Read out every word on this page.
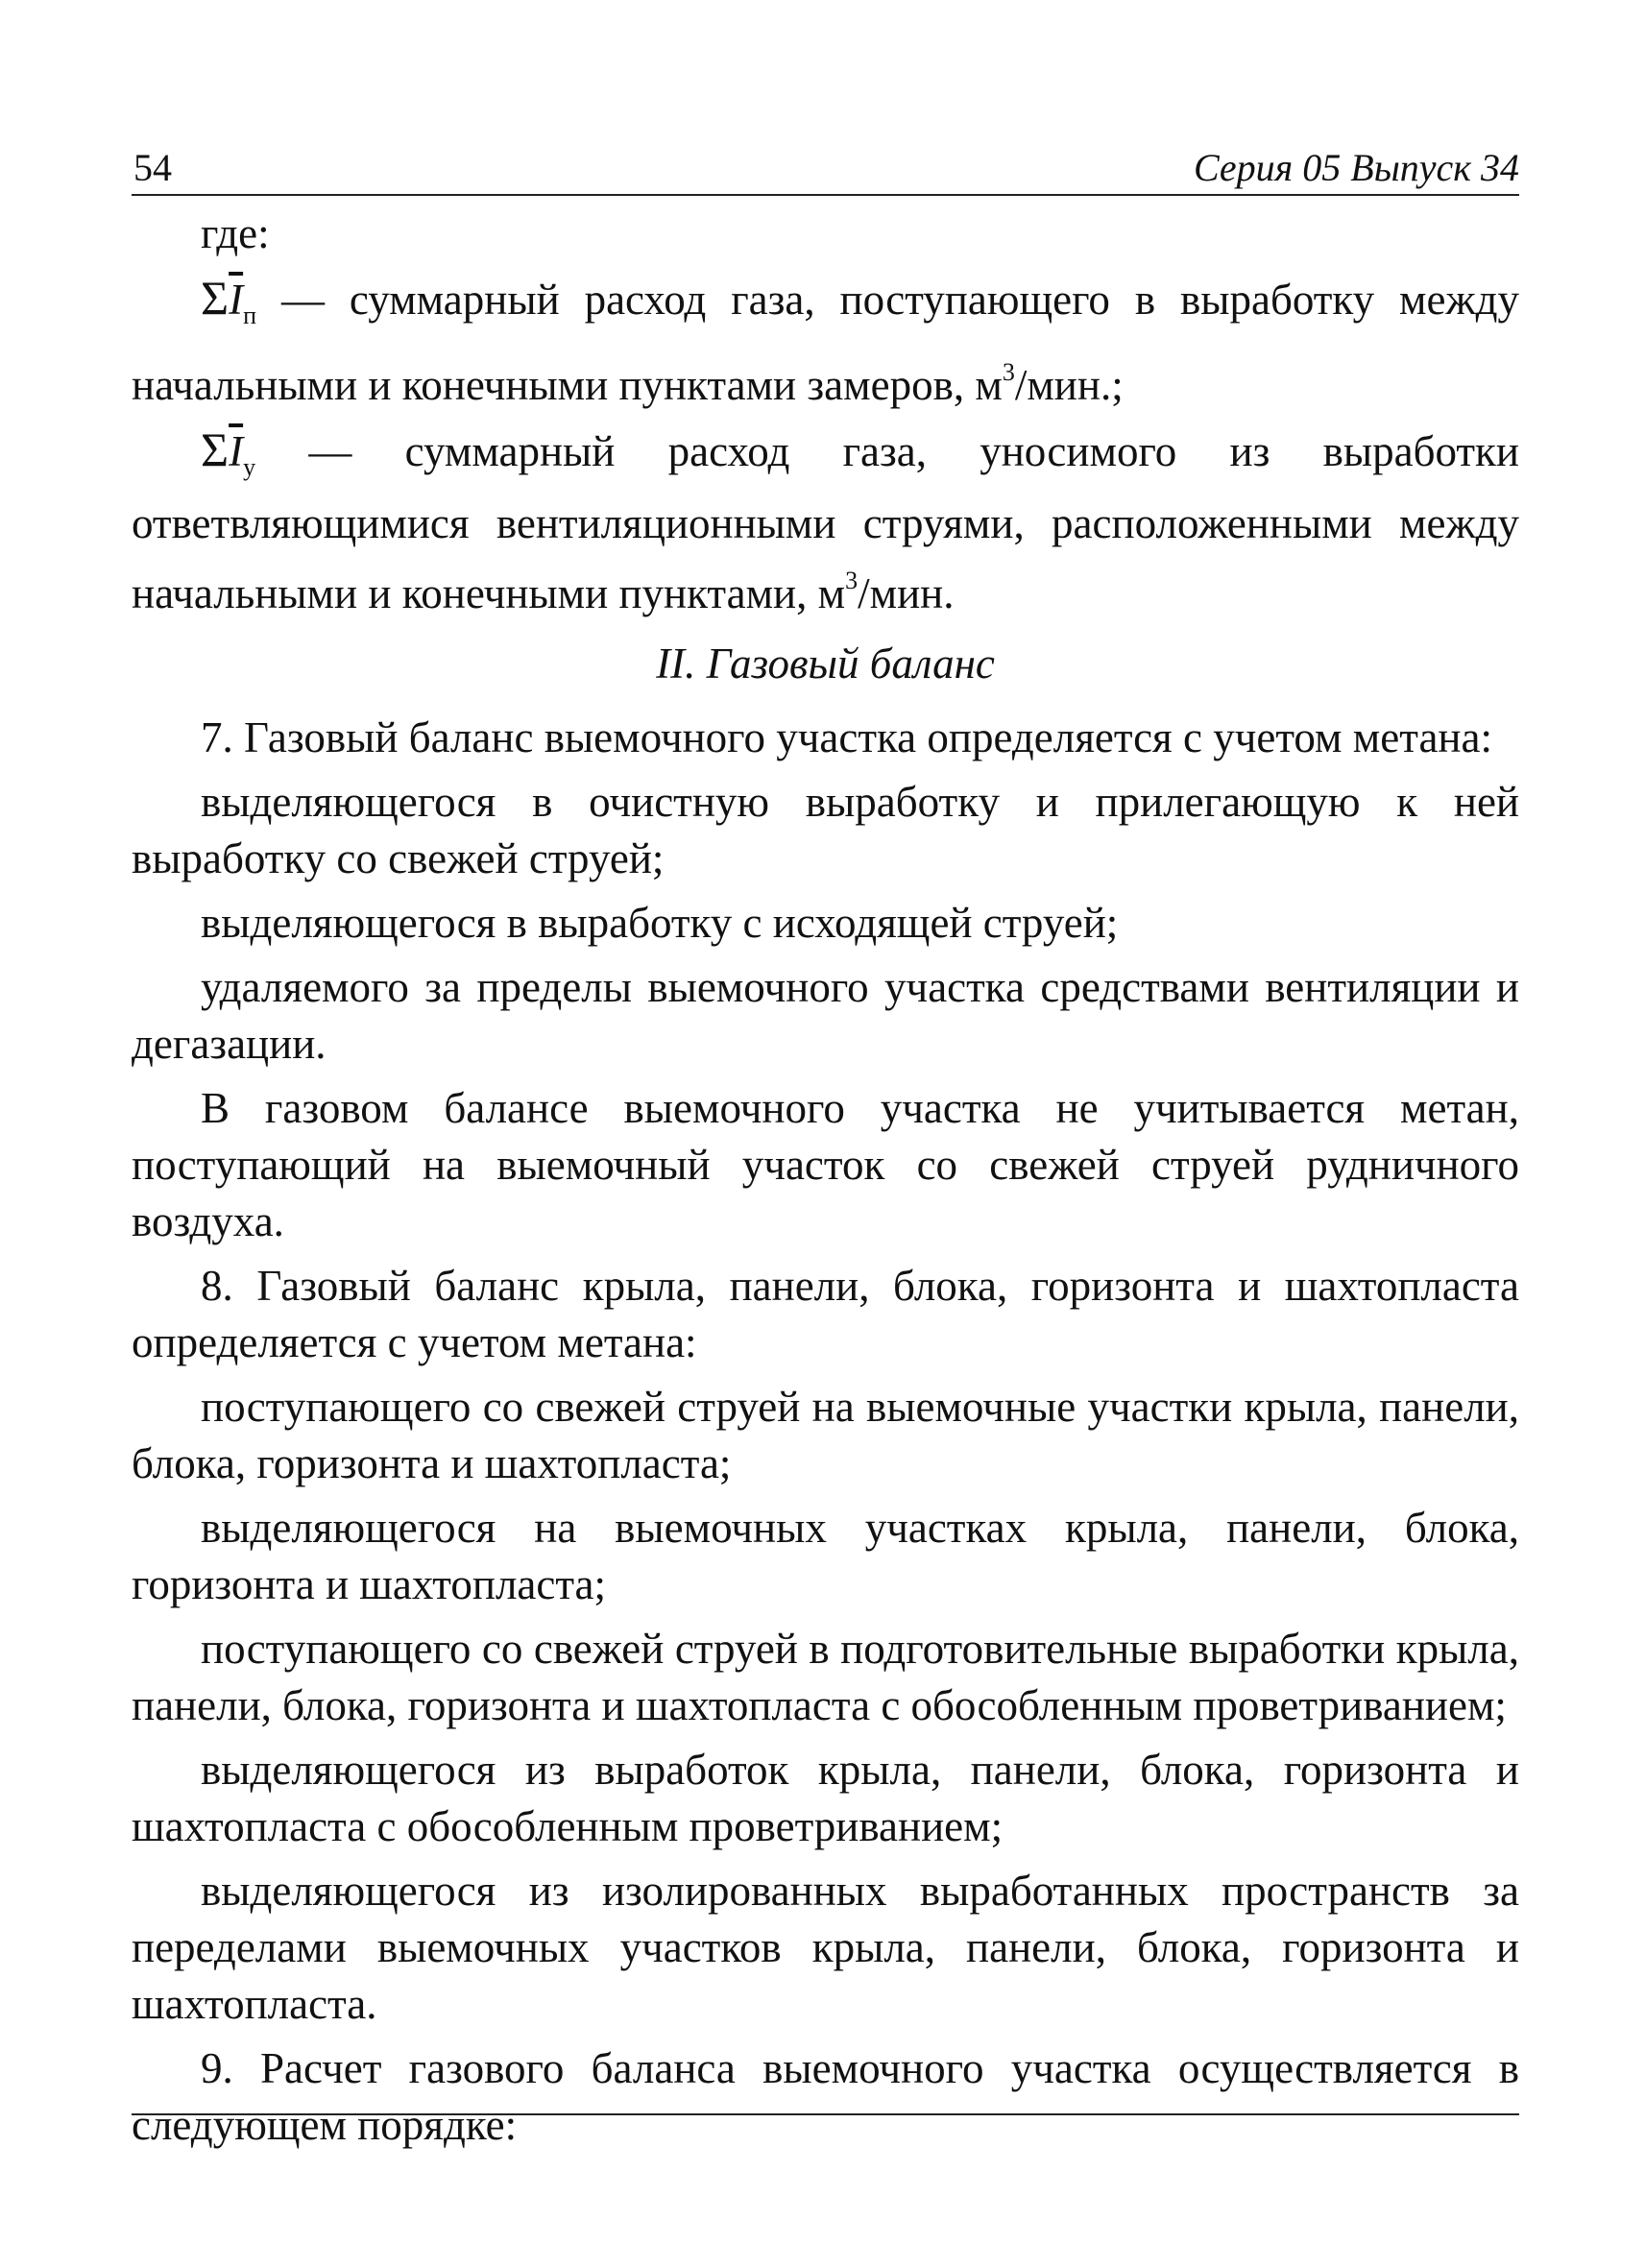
54	Серия 05 Выпуск 34

где:

$\Sigma\overline{I}_п$ — суммарный расход газа, поступающего в выработку между начальными и конечными пунктами замеров, $м^3$/мин.;

$\Sigma\overline{I}_у$ — суммарный расход газа, уносимого из выработки ответвляющимися вентиляционными струями, расположенными между начальными и конечными пунктами, $м^3$/мин.

II. Газовый баланс

7. Газовый баланс выемочного участка определяется с учетом метана:

выделяющегося в очистную выработку и прилегающую к ней выработку со свежей струей;

выделяющегося в выработку с исходящей струей;

удаляемого за пределы выемочного участка средствами вентиляции и дегазации.

В газовом балансе выемочного участка не учитывается метан, поступающий на выемочный участок со свежей струей рудничного воздуха.

8. Газовый баланс крыла, панели, блока, горизонта и шахтопласта определяется с учетом метана:

поступающего со свежей струей на выемочные участки крыла, панели, блока, горизонта и шахтопласта;

выделяющегося на выемочных участках крыла, панели, блока, горизонта и шахтопласта;

поступающего со свежей струей в подготовительные выработки крыла, панели, блока, горизонта и шахтопласта с обособленным проветриванием;

выделяющегося из выработок крыла, панели, блока, горизонта и шахтопласта с обособленным проветриванием;

выделяющегося из изолированных выработанных пространств за переделами выемочных участков крыла, панели, блока, горизонта и шахтопласта.

9. Расчет газового баланса выемочного участка осуществляется в следующем порядке:
